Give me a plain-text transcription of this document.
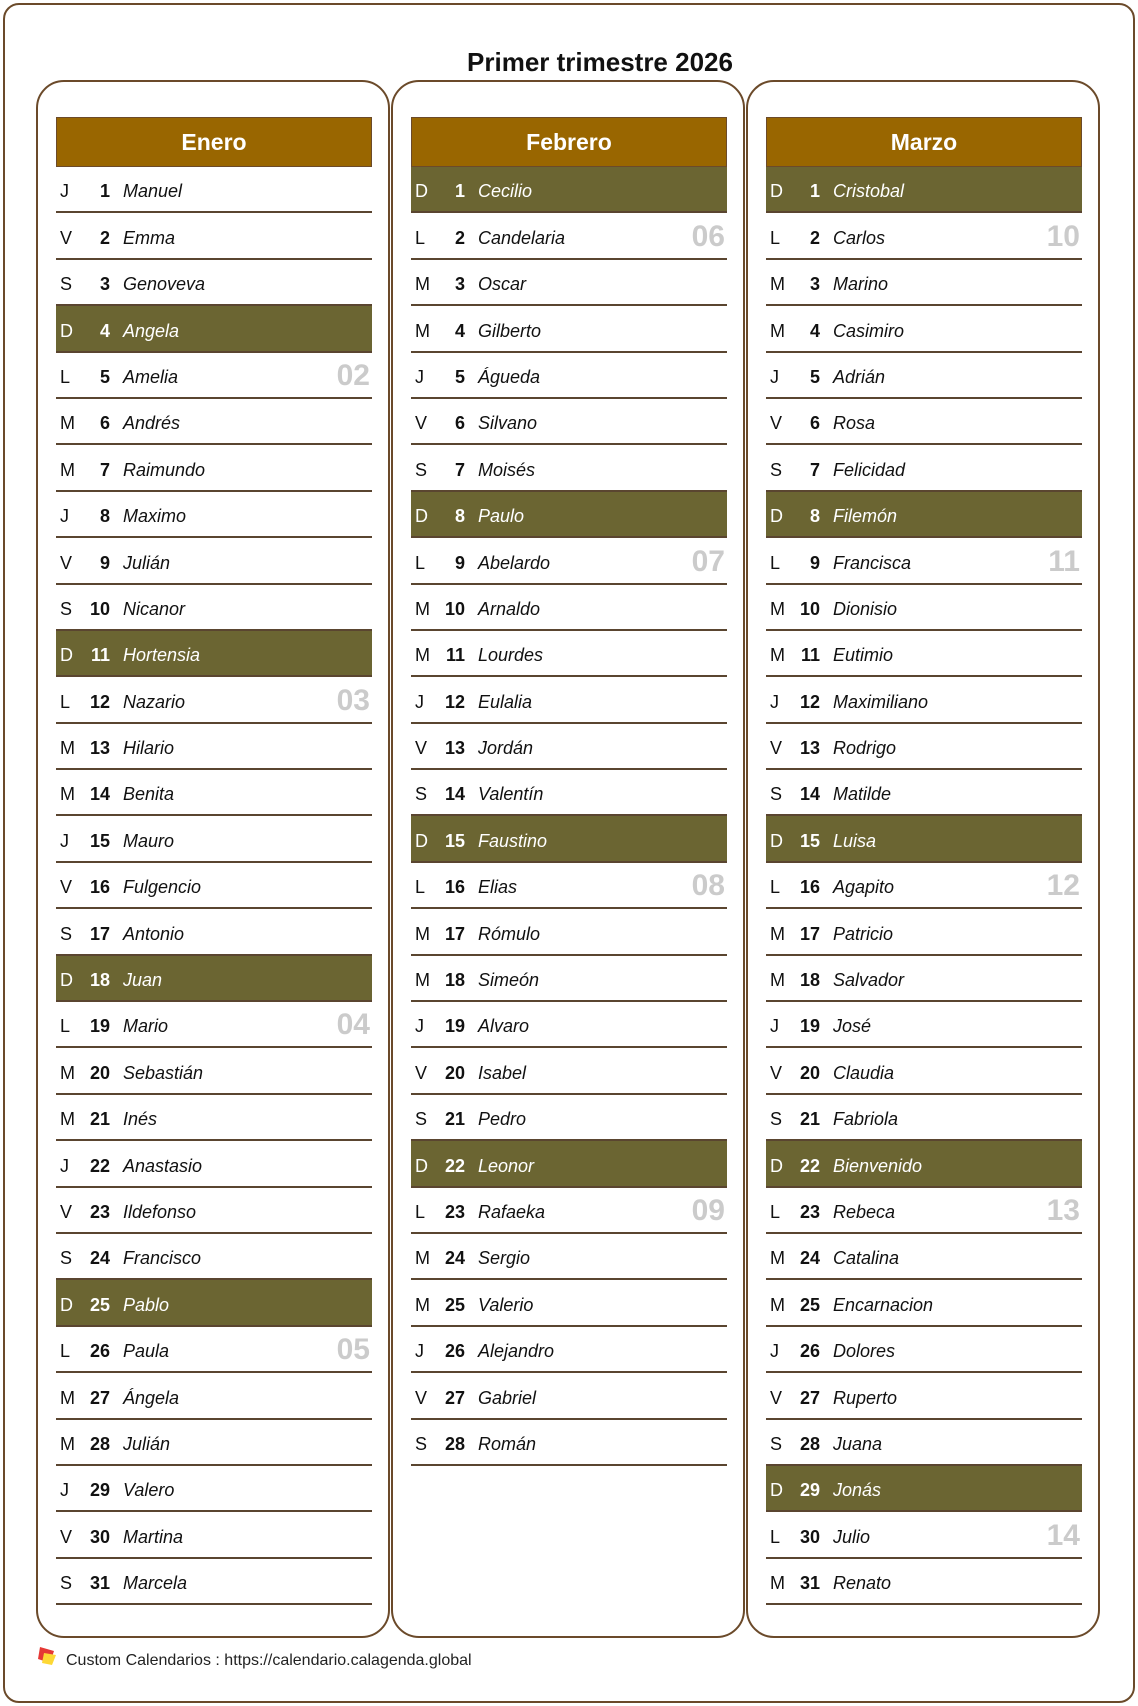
Primer trimestre 2026
Enero
J	1 Manuel
V	2 Emma
S	3 Genoveva
D	4 Angela
L	5 Amelia	02
M	6 Andrés
M	7 Raimundo
J	8 Maximo
V	9 Julián
S 10 Nicanor
D 11 Hortensia
L 12 Nazario	03
M 13 Hilario
M 14 Benita
J 15 Mauro
V 16 Fulgencio
S 17 Antonio
D 18 Juan
L 19 Mario	04
M 20 Sebastián
M 21 Inés
J 22 Anastasio
V 23 Ildefonso
S 24 Francisco
D 25 Pablo
L 26 Paula	05
M 27 Ángela
M 28 Julián
J 29 Valero
V 30 Martina
S 31 Marcela
Febrero
D	1 Cecilio
L	2 Candelaria	06
M	3 Oscar
M	4 Gilberto
J	5 Águeda
V	6 Silvano
S	7 Moisés
D	8 Paulo
L	9 Abelardo	07
M 10 Arnaldo
M 11 Lourdes
J 12 Eulalia
V 13 Jordán
S 14 Valentín
D 15 Faustino
L 16 Elias	08
M 17 Rómulo
M 18 Simeón
J 19 Alvaro
V 20 Isabel
S 21 Pedro
D 22 Leonor
L 23 Rafaeka	09
M 24 Sergio
M 25 Valerio
J 26 Alejandro
V 27 Gabriel
S 28 Román
Marzo
D	1 Cristobal
L	2 Carlos	10
M	3 Marino
M	4 Casimiro
J	5 Adrián
V	6 Rosa
S	7 Felicidad
D	8 Filemón
L	9 Francisca	11
M 10 Dionisio
M 11 Eutimio
J 12 Maximiliano
V 13 Rodrigo
S 14 Matilde
D 15 Luisa
L 16 Agapito	12
M 17 Patricio
M 18 Salvador
J 19 José
V 20 Claudia
S 21 Fabriola
D 22 Bienvenido
L 23 Rebeca	13
M 24 Catalina
M 25 Encarnacion
J 26 Dolores
V 27 Ruperto
S 28 Juana
D 29 Jonás
L 30 Julio	14
M 31 Renato
Custom Calendarios : https://calendario.calagenda.global
